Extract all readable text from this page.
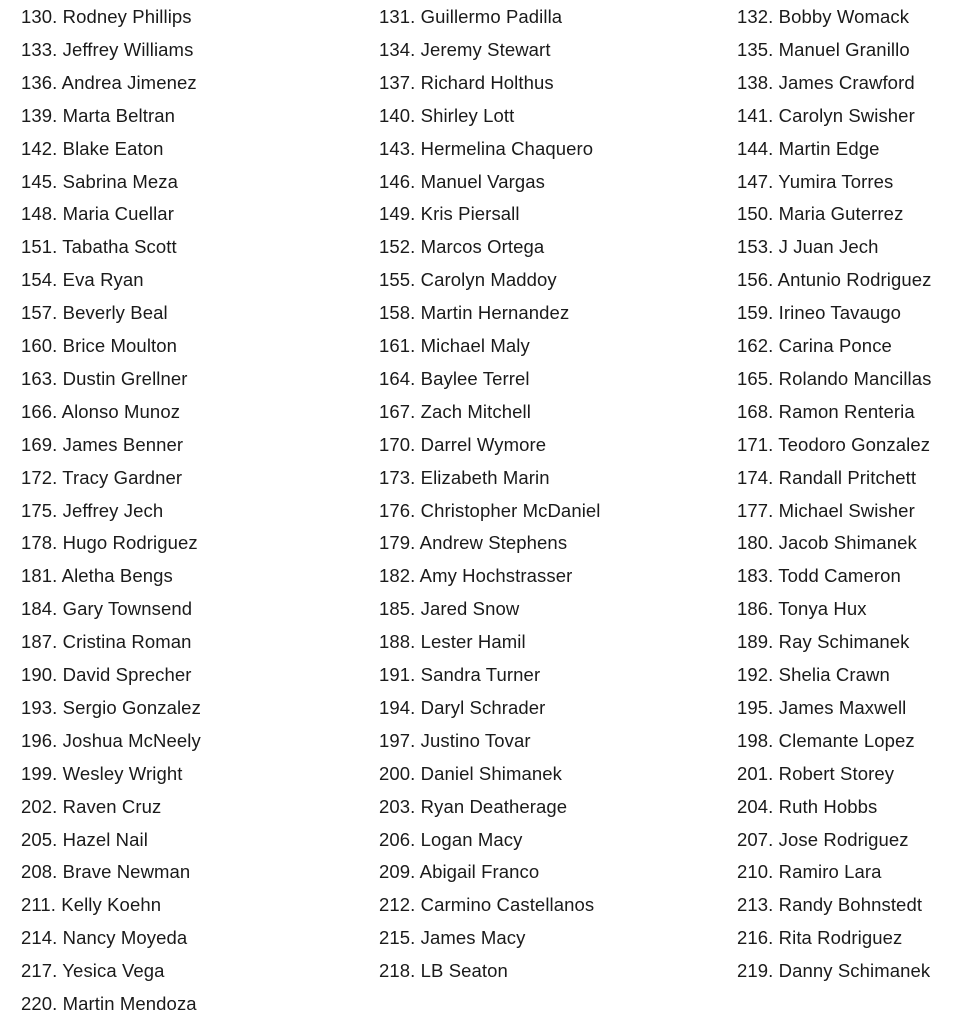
130. Rodney Phillips	131. Guillermo Padilla	132. Bobby Womack
133. Jeffrey Williams	134. Jeremy Stewart	135. Manuel Granillo
136. Andrea Jimenez	137. Richard Holthus	138. James Crawford
139. Marta Beltran	140. Shirley Lott	141. Carolyn Swisher
142. Blake Eaton	143. Hermelina Chaquero	144. Martin Edge
145. Sabrina Meza	146. Manuel Vargas	147. Yumira Torres
148. Maria Cuellar	149. Kris Piersall	150. Maria Guterrez
151. Tabatha Scott	152. Marcos Ortega	153. J Juan Jech
154. Eva Ryan	155. Carolyn Maddoy	156. Antunio Rodriguez
157. Beverly Beal	158. Martin Hernandez	159. Irineo Tavaugo
160. Brice Moulton	161. Michael Maly	162. Carina Ponce
163. Dustin Grellner	164. Baylee Terrel	165. Rolando Mancillas
166. Alonso Munoz	167. Zach Mitchell	168. Ramon Renteria
169. James Benner	170. Darrel Wymore	171. Teodoro Gonzalez
172. Tracy Gardner	173. Elizabeth Marin	174. Randall Pritchett
175. Jeffrey Jech	176. Christopher McDaniel	177. Michael Swisher
178. Hugo Rodriguez	179. Andrew Stephens	180. Jacob Shimanek
181. Aletha Bengs	182. Amy Hochstrasser	183. Todd Cameron
184. Gary Townsend	185. Jared Snow	186. Tonya Hux
187. Cristina Roman	188. Lester Hamil	189. Ray Schimanek
190. David Sprecher	191. Sandra Turner	192. Shelia Crawn
193. Sergio Gonzalez	194. Daryl Schrader	195. James Maxwell
196. Joshua McNeely	197. Justino Tovar	198. Clemante Lopez
199. Wesley Wright	200. Daniel Shimanek	201. Robert Storey
202. Raven Cruz	203. Ryan Deatherage	204. Ruth Hobbs
205. Hazel Nail	206. Logan Macy	207. Jose Rodriguez
208. Brave Newman	209. Abigail Franco	210. Ramiro Lara
211. Kelly Koehn	212. Carmino Castellanos	213. Randy Bohnstedt
214. Nancy Moyeda	215. James Macy	216. Rita Rodriguez
217. Yesica Vega	218. LB Seaton	219. Danny Schimanek
220. Martin Mendoza
